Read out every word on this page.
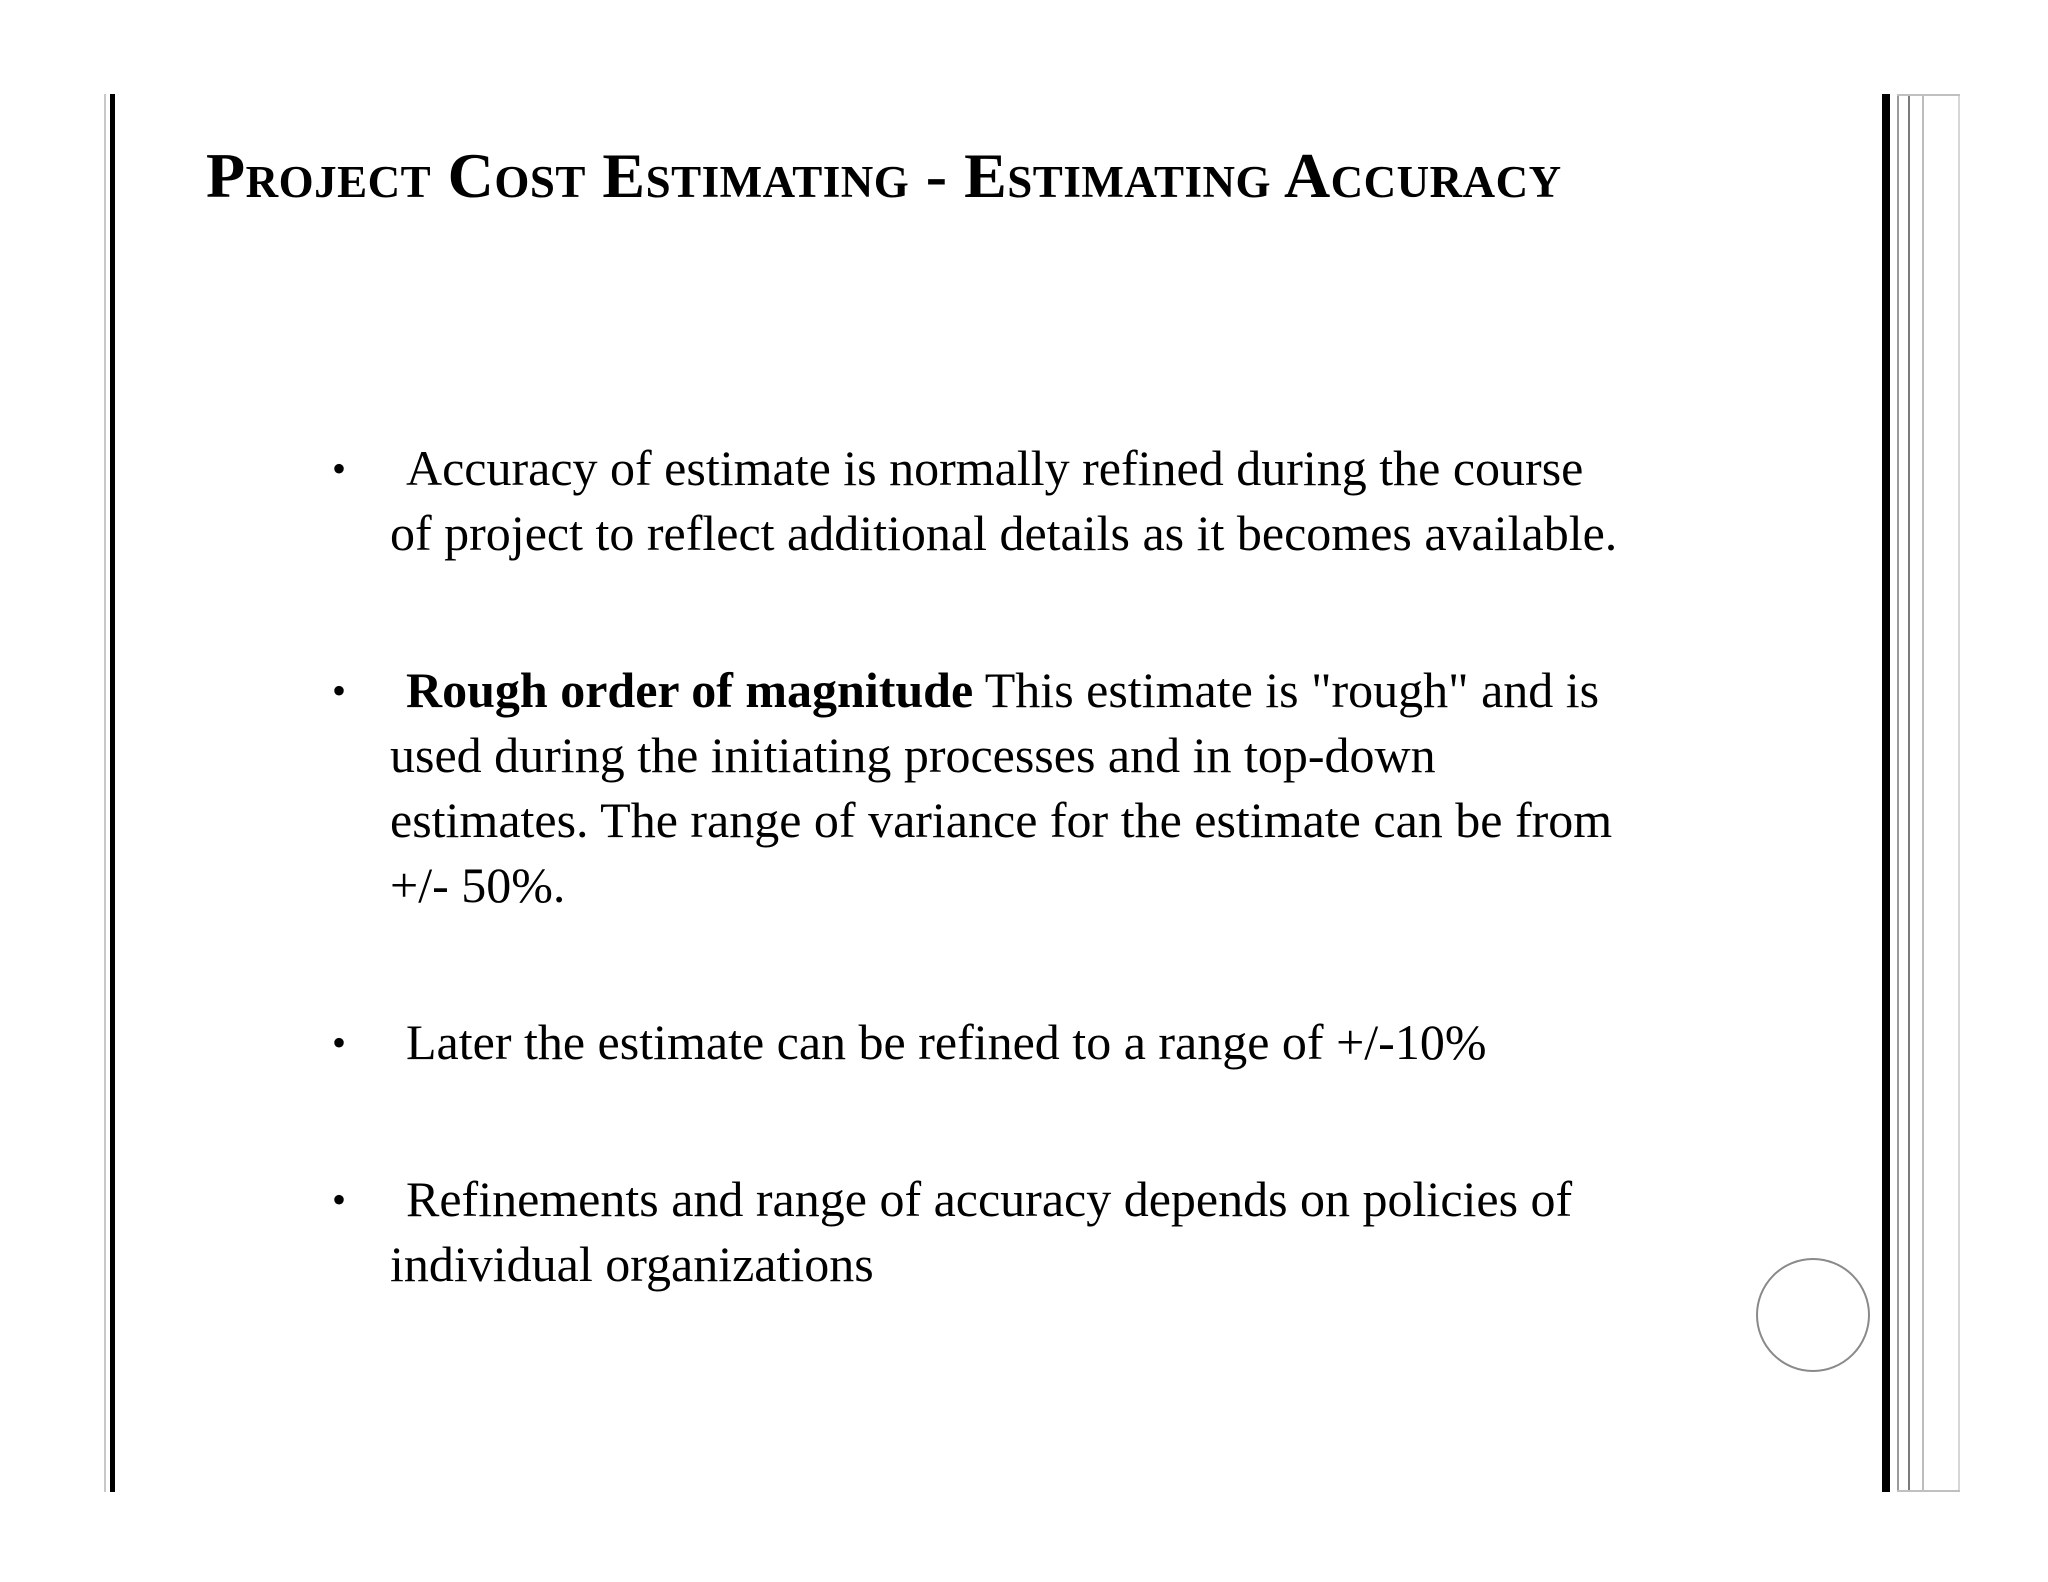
Project Cost Estimating - Estimating Accuracy
•	Accuracy of estimate is normally refined during the course of project to reflect additional details as it becomes available.
•	Rough order of magnitude This estimate is "rough" and is used during the initiating processes and in top-down estimates. The range of variance for the estimate can be from +/- 50%.
•	Later the estimate can be refined to a range of +/-10%
•	Refinements and range of accuracy depends on policies of individual organizations
